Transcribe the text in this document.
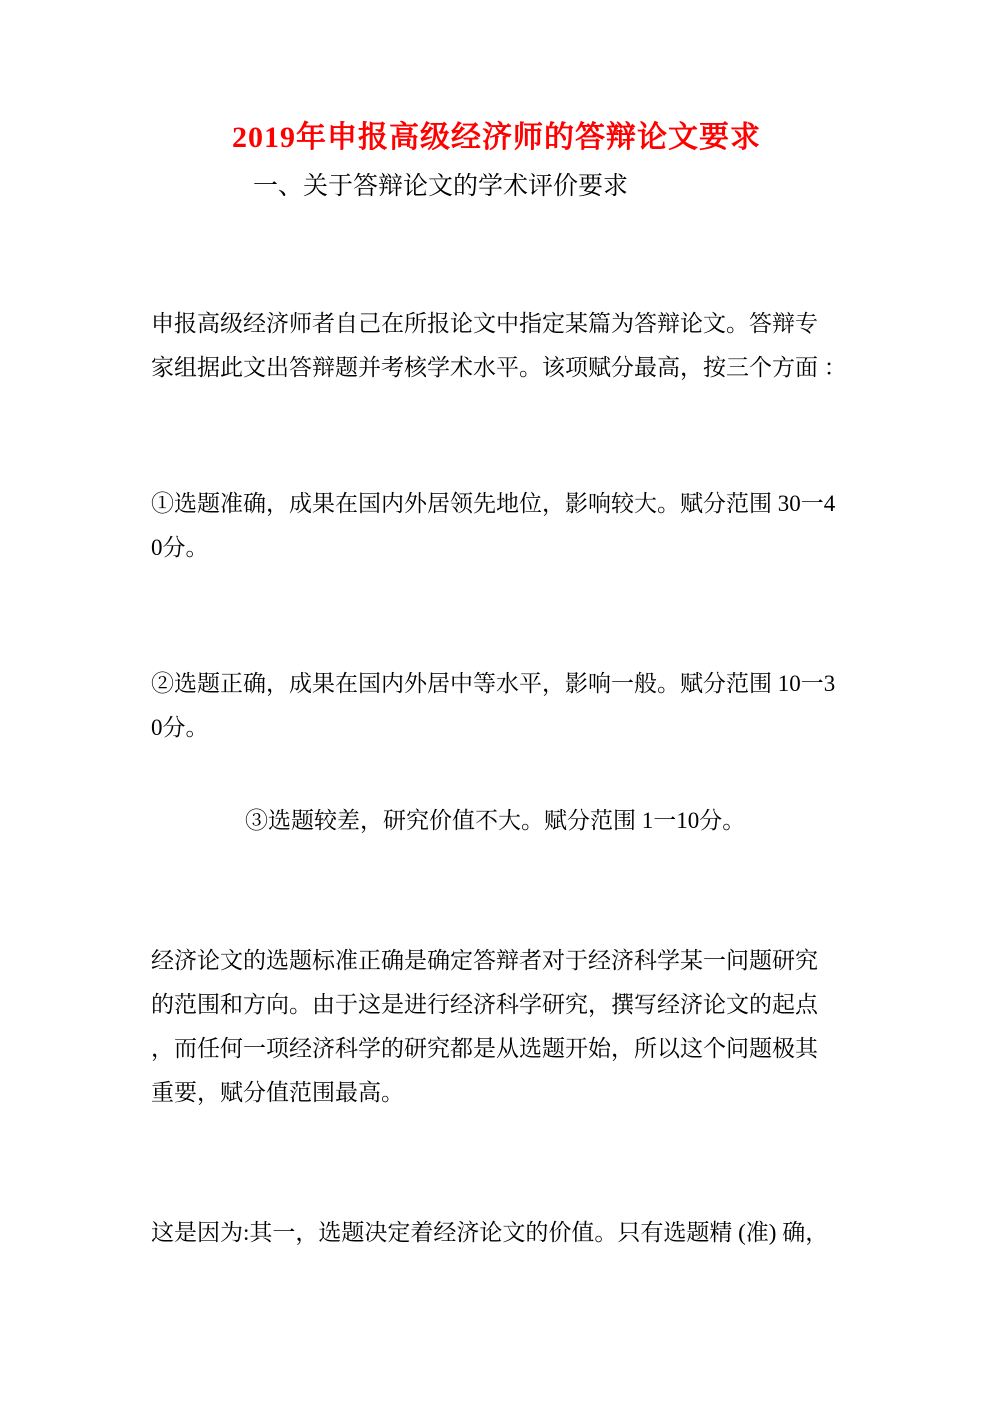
2019年申报高级经济师的答辩论文要求
一、关于答辩论文的学术评价要求
申报高级经济师者自己在所报论文中指定某篇为答辩论文。答辩专
家组据此文出答辩题并考核学术水平。该项赋分最高，按三个方面 ：
①选题准确，成果在国内外居领先地位，影响较大。赋分范围 30一4
0分。
②选题正确，成果在国内外居中等水平，影响一般。赋分范围 10一3
0分。
③选题较差，研究价值不大。赋分范围 1一10分。
经济论文的选题标准正确是确定答辩者对于经济科学某一问题研究
的范围和方向。由于这是进行经济科学研究，撰写经济论文的起点
，而任何一项经济科学的研究都是从选题开始，所以这个问题极其
重要，赋分值范围最高。
这是因为:其一，选题决定着经济论文的价值。只有选题精 (准) 确，
